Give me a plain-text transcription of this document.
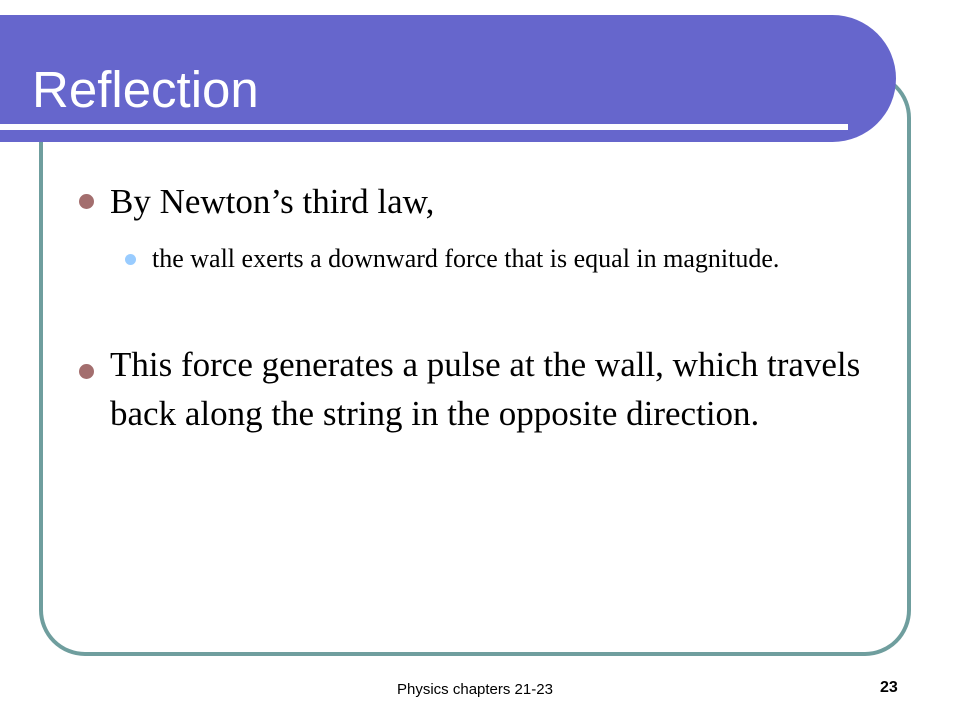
Reflection

By Newton’s third law,

the wall exerts a downward force that is equal in magnitude.

This force generates a pulse at the wall, which travels back along the string in the opposite direction.

Physics chapters 21-23	23
